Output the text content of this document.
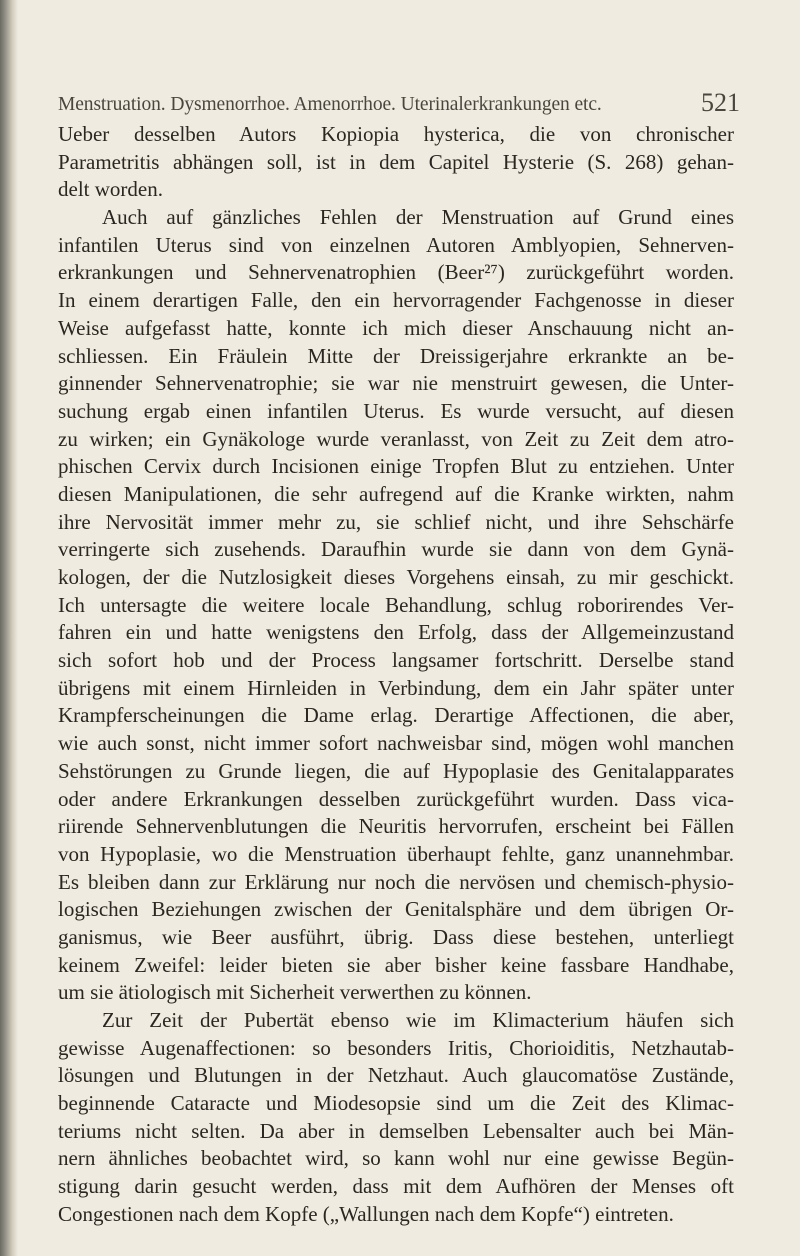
Menstruation. Dysmenorrhoe. Amenorrhoe. Uterinalerkrankungen etc.	521
Ueber desselben Autors Kopiopia hysterica, die von chronischer
Parametritis abhängen soll, ist in dem Capitel Hysterie (S. 268) gehan-
delt worden.
Auch auf gänzliches Fehlen der Menstruation auf Grund eines
infantilen Uterus sind von einzelnen Autoren Amblyopien, Sehnerven-
erkrankungen und Sehnervenatrophien (Beer²⁷) zurückgeführt worden.
In einem derartigen Falle, den ein hervorragender Fachgenosse in dieser
Weise aufgefasst hatte, konnte ich mich dieser Anschauung nicht an-
schliessen. Ein Fräulein Mitte der Dreissigerjahre erkrankte an be-
ginnender Sehnervenatrophie; sie war nie menstruirt gewesen, die Unter-
suchung ergab einen infantilen Uterus. Es wurde versucht, auf diesen
zu wirken; ein Gynäkologe wurde veranlasst, von Zeit zu Zeit dem atro-
phischen Cervix durch Incisionen einige Tropfen Blut zu entziehen. Unter
diesen Manipulationen, die sehr aufregend auf die Kranke wirkten, nahm
ihre Nervosität immer mehr zu, sie schlief nicht, und ihre Sehschärfe
verringerte sich zusehends. Daraufhin wurde sie dann von dem Gynä-
kologen, der die Nutzlosigkeit dieses Vorgehens einsah, zu mir geschickt.
Ich untersagte die weitere locale Behandlung, schlug roborirendes Ver-
fahren ein und hatte wenigstens den Erfolg, dass der Allgemeinzustand
sich sofort hob und der Process langsamer fortschritt. Derselbe stand
übrigens mit einem Hirnleiden in Verbindung, dem ein Jahr später unter
Krampferscheinungen die Dame erlag. Derartige Affectionen, die aber,
wie auch sonst, nicht immer sofort nachweisbar sind, mögen wohl manchen
Sehstörungen zu Grunde liegen, die auf Hypoplasie des Genitalapparates
oder andere Erkrankungen desselben zurückgeführt wurden. Dass vica-
riirende Sehnervenblutungen die Neuritis hervorrufen, erscheint bei Fällen
von Hypoplasie, wo die Menstruation überhaupt fehlte, ganz unannehmbar.
Es bleiben dann zur Erklärung nur noch die nervösen und chemisch-physio-
logischen Beziehungen zwischen der Genitalsphäre und dem übrigen Or-
ganismus, wie Beer ausführt, übrig. Dass diese bestehen, unterliegt
keinem Zweifel: leider bieten sie aber bisher keine fassbare Handhabe,
um sie ätiologisch mit Sicherheit verwerthen zu können.
Zur Zeit der Pubertät ebenso wie im Klimacterium häufen sich
gewisse Augenaffectionen: so besonders Iritis, Chorioiditis, Netzhautab-
lösungen und Blutungen in der Netzhaut. Auch glaucomatöse Zustände,
beginnende Cataracte und Miodesopsie sind um die Zeit des Klimac-
teriums nicht selten. Da aber in demselben Lebensalter auch bei Män-
nern ähnliches beobachtet wird, so kann wohl nur eine gewisse Begün-
stigung darin gesucht werden, dass mit dem Aufhören der Menses oft
Congestionen nach dem Kopfe („Wallungen nach dem Kopfe“) eintreten.
